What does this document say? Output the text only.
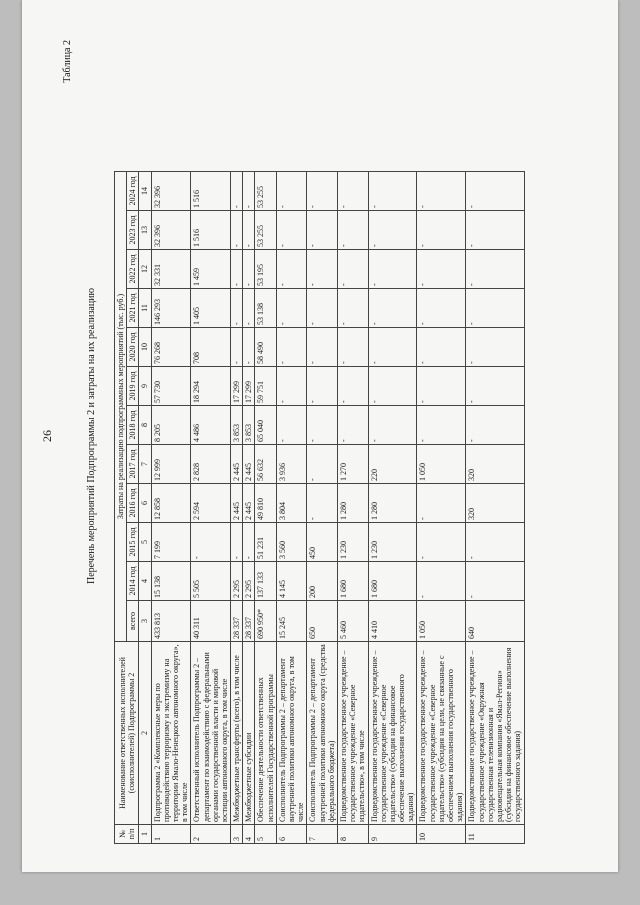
26
Таблица 2
Перечень мероприятий Подпрограммы 2 и затраты на их реализацию
№ п/п	Наименование ответственных исполнителей (соисполнителей) Подпрограммы 2	Затраты на реализацию подпрограммных мероприятий (тыс. руб.)											
		всего	2014 год	2015 год	2016 год	2017 год	2018 год	2019 год	2020 год	2021 год	2022 год	2023 год	2024 год
1	2	3	4	5	6	7	8	9	10	11	12	13	14
1	Подпрограмма 2 «Комплексные меры по противодействию терроризму и экстремизму на территории Ямало-Ненецкого автономного округа», в том числе	433 813	15 138	7 199	12 858	12 999	8 205	57 730	76 268	146 293	32 331	32 396	32 396
2	Ответственный исполнитель Подпрограммы 2 – департамент по взаимодействию с федеральными органами государственной власти и мировой юстиции автономного округа, в том числе	40 311	5 505	-	2 594	2 828	4 486	18 294	708	1 405	1 459	1 516	1 516
3	Межбюджетные трансферты (всего), в том числе	28 337	2 295	-	2 445	2 445	3 853	17 299	-	-	-	-	-
4	Межбюджетные субсидии	28 337	2 295	-	2 445	2 445	3 853	17 299	-	-	-	-	-
5	Обеспечение деятельности ответственных исполнителей Государственной программы	690 950*	137 133	51 231	49 810	56 632	65 040	59 751	58 490	53 138	53 195	53 255	53 255
6	Соисполнитель Подпрограммы 2 – департамент внутренней политики автономного округа, в том числе	15 245	4 145	3 560	3 804	3 936	-	-	-	-	-	-	-
7	Соисполнитель Подпрограммы 2 – департамент внутренней политики автономного округа (средства федерального бюджета)	650	200	450	-	-	-	-	-	-	-	-	-
8	Подведомственное государственное учреждение – государственное учреждение «Северное издательство», в том числе	5 460	1 680	1 230	1 280	1 270	-	-	-	-	-	-	-
9	Подведомственное государственное учреждение – государственное учреждение «Северное издательство» (субсидия на финансовое обеспечение выполнения государственного задания)	4 410	1 680	1 230	1 280	220	-	-	-	-	-	-	-
10	Подведомственное государственное учреждение – государственное учреждение «Северное издательство» (субсидия на цели, не связанные с обеспечением выполнения государственного задания)	1 050	-	-	-	1 050	-	-	-	-	-	-	-
11	Подведомственное государственное учреждение – государственное учреждение «Окружная государственная телевизионная и радиовещательная компания «Ямал-Регион» (субсидия на финансовое обеспечение выполнения государственного задания)	640	-	-	320	320	-	-	-	-	-	-	-
